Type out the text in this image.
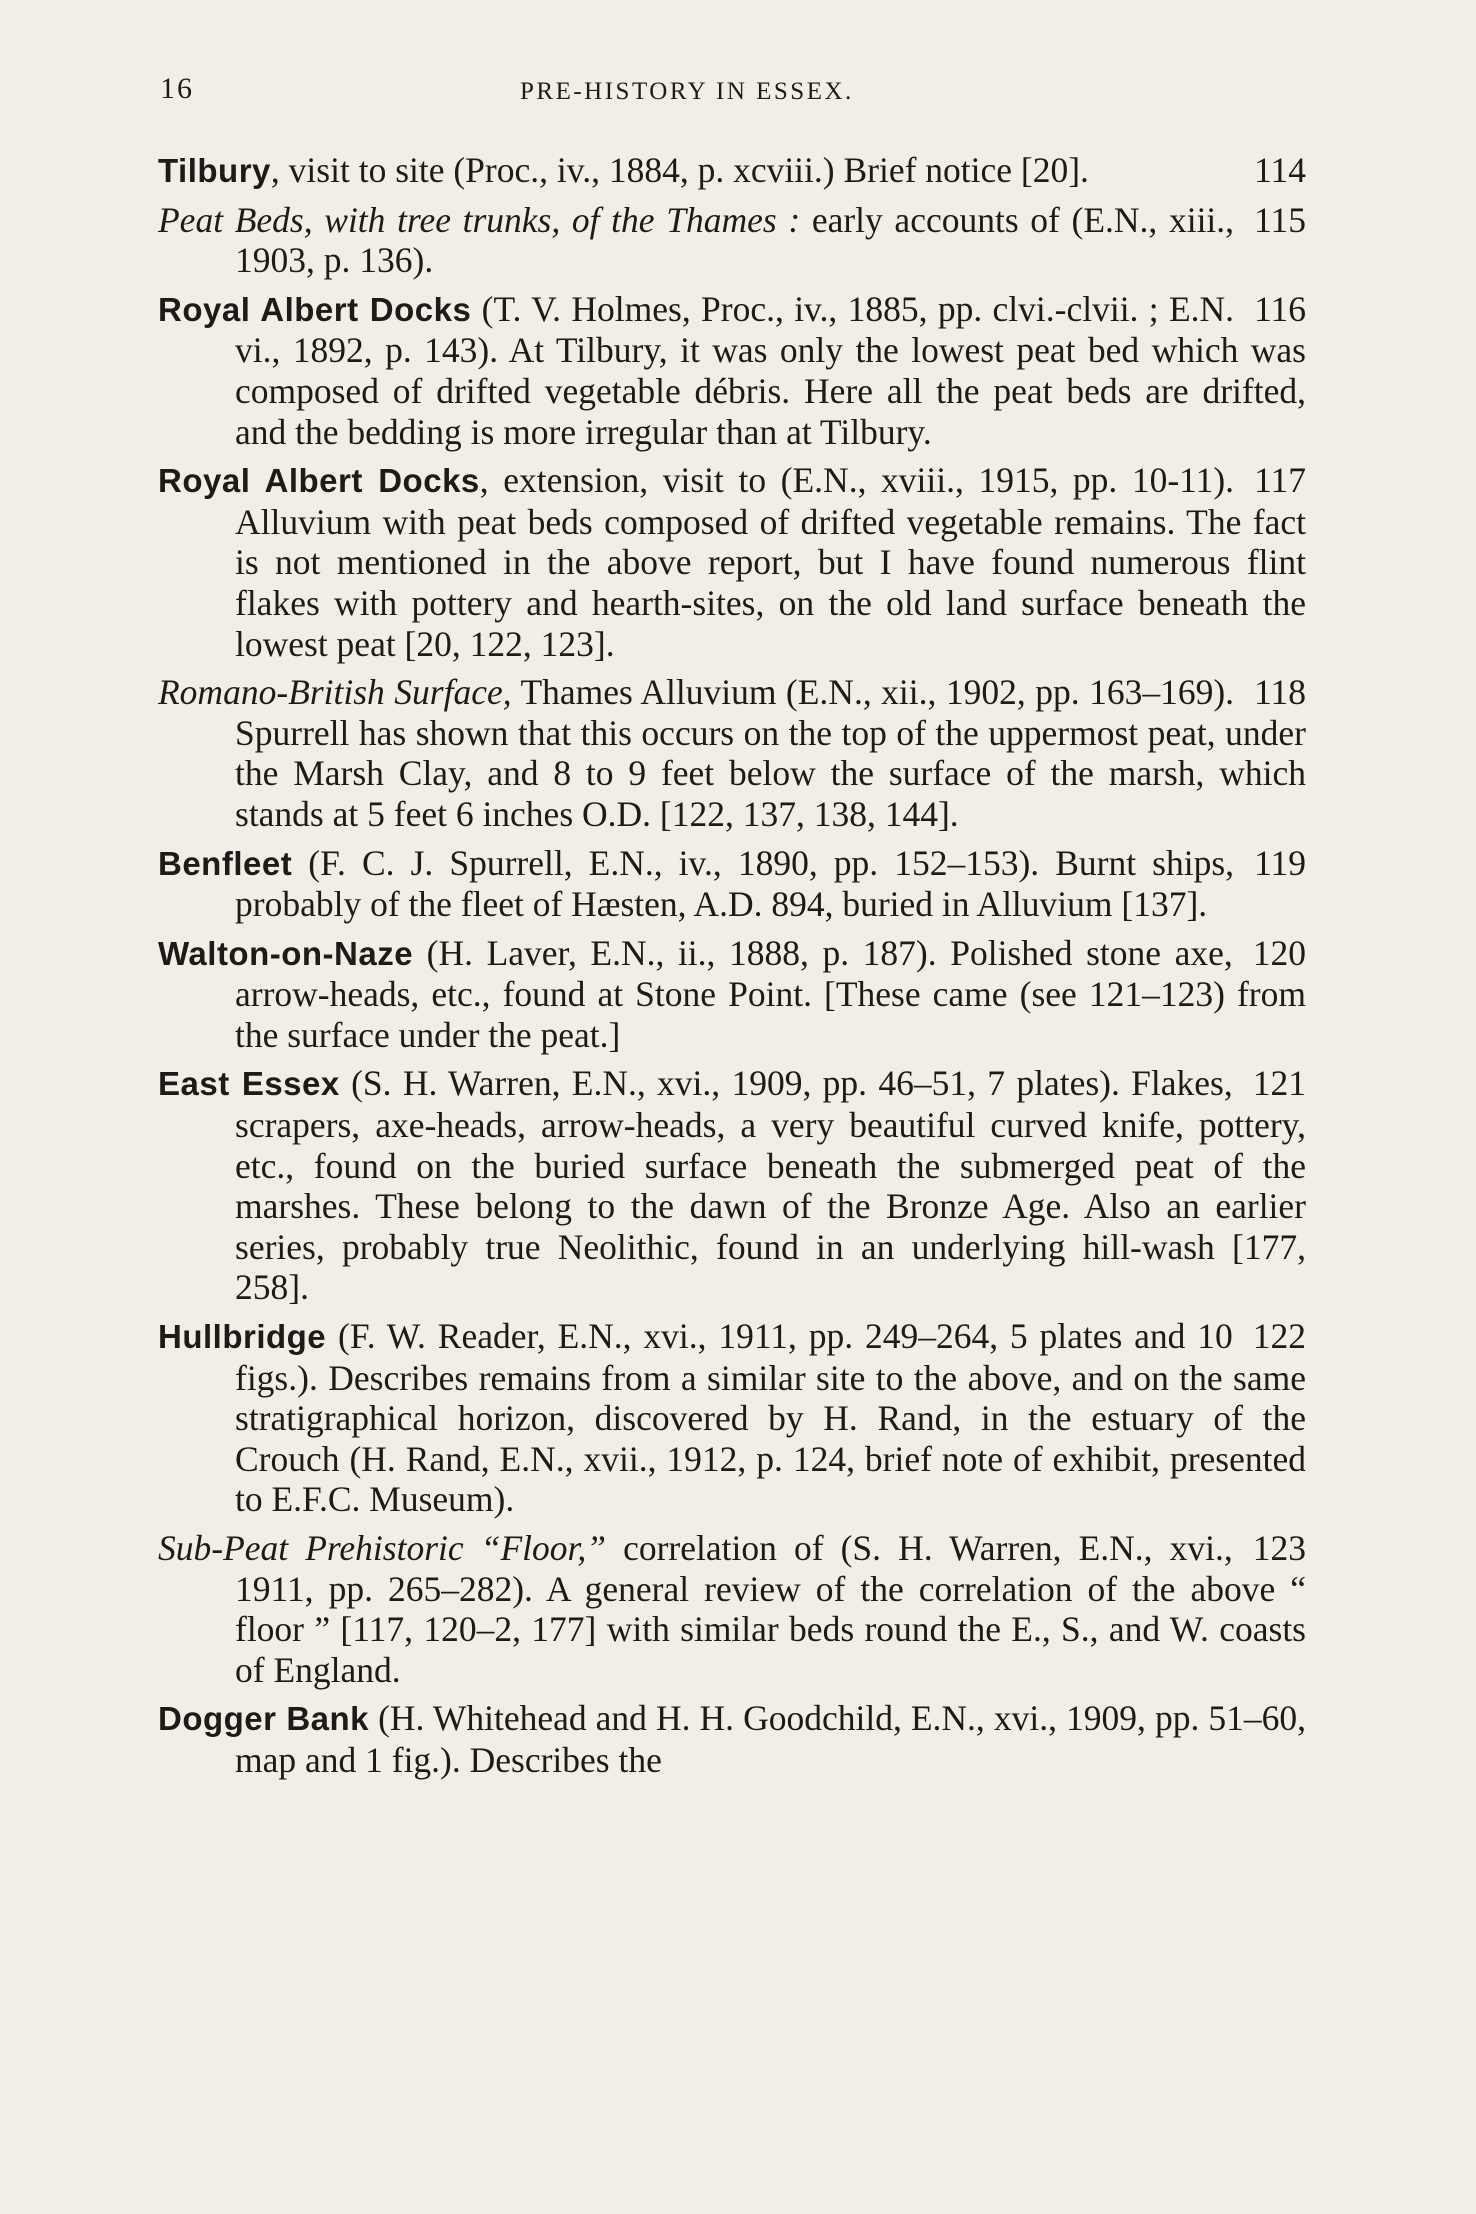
16	PRE-HISTORY IN ESSEX.
114
Tilbury, visit to site (Proc., iv., 1884, p. xcviii.) Brief notice [20].
115
Peat Beds, with tree trunks, of the Thames : early accounts of (E.N., xiii., 1903, p. 136).
116
Royal Albert Docks (T. V. Holmes, Proc., iv., 1885, pp. clvi.-clvii. ; E.N. vi., 1892, p. 143). At Tilbury, it was only the lowest peat bed which was composed of drifted vegetable débris. Here all the peat beds are drifted, and the bedding is more irregular than at Tilbury.
117
Royal Albert Docks, extension, visit to (E.N., xviii., 1915, pp. 10-11). Alluvium with peat beds composed of drifted vegetable remains. The fact is not mentioned in the above report, but I have found numerous flint flakes with pottery and hearth-sites, on the old land surface beneath the lowest peat [20, 122, 123].
118
Romano-British Surface, Thames Alluvium (E.N., xii., 1902, pp. 163–169). Spurrell has shown that this occurs on the top of the uppermost peat, under the Marsh Clay, and 8 to 9 feet below the surface of the marsh, which stands at 5 feet 6 inches O.D. [122, 137, 138, 144].
119
Benfleet (F. C. J. Spurrell, E.N., iv., 1890, pp. 152–153). Burnt ships, probably of the fleet of Hæsten, A.D. 894, buried in Alluvium [137].
120
Walton-on-Naze (H. Laver, E.N., ii., 1888, p. 187). Polished stone axe, arrow-heads, etc., found at Stone Point. [These came (see 121–123) from the surface under the peat.]
121
East Essex (S. H. Warren, E.N., xvi., 1909, pp. 46–51, 7 plates). Flakes, scrapers, axe-heads, arrow-heads, a very beautiful curved knife, pottery, etc., found on the buried surface beneath the submerged peat of the marshes. These belong to the dawn of the Bronze Age. Also an earlier series, probably true Neolithic, found in an underlying hill-wash [177, 258].
122
Hullbridge (F. W. Reader, E.N., xvi., 1911, pp. 249–264, 5 plates and 10 figs.). Describes remains from a similar site to the above, and on the same stratigraphical horizon, discovered by H. Rand, in the estuary of the Crouch (H. Rand, E.N., xvii., 1912, p. 124, brief note of exhibit, presented to E.F.C. Museum).
123
Sub-Peat Prehistoric “Floor,” correlation of (S. H. Warren, E.N., xvi., 1911, pp. 265–282). A general review of the correlation of the above “ floor ” [117, 120–2, 177] with similar beds round the E., S., and W. coasts of England.
Dogger Bank (H. Whitehead and H. H. Goodchild, E.N., xvi., 1909, pp. 51–60, map and 1 fig.). Describes the
